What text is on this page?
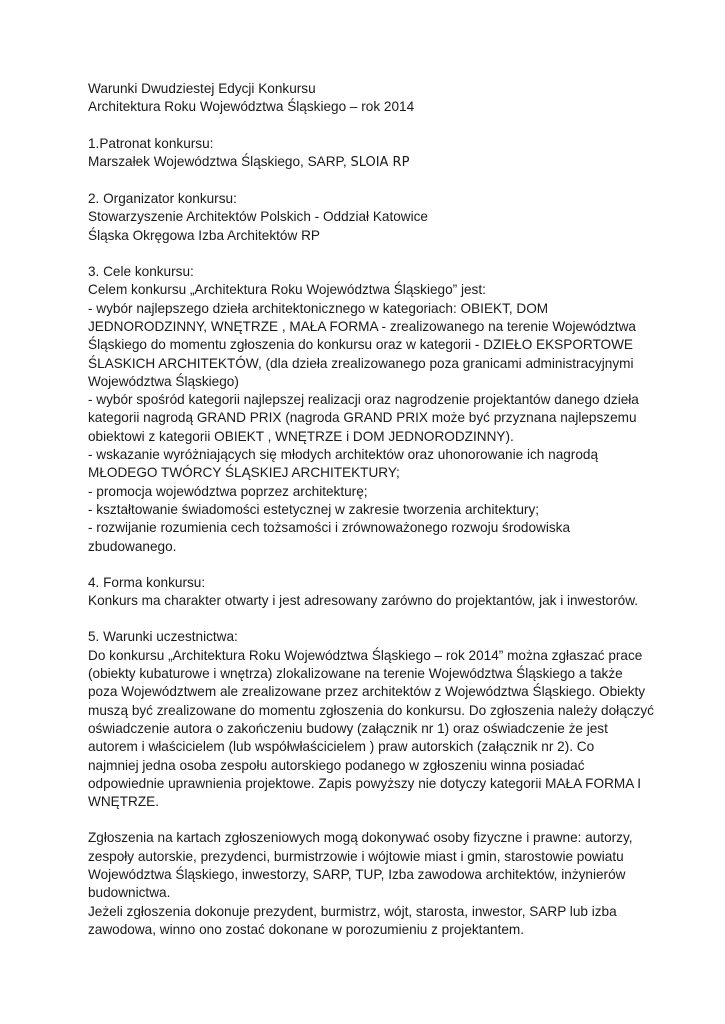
Warunki Dwudziestej Edycji Konkursu
Architektura Roku Województwa Śląskiego – rok 2014
1.Patronat konkursu:
Marszałek Województwa Śląskiego, SARP, SLOIA RP
2. Organizator konkursu:
Stowarzyszenie Architektów Polskich - Oddział Katowice
Śląska Okręgowa Izba Architektów RP
3. Cele konkursu:
Celem konkursu „Architektura Roku Województwa Śląskiego” jest:
- wybór najlepszego dzieła architektonicznego w kategoriach: OBIEKT, DOM
JEDNORODZINNY, WNĘTRZE , MAŁA FORMA - zrealizowanego na terenie Województwa
Śląskiego do momentu zgłoszenia do konkursu oraz w kategorii - DZIEŁO EKSPORTOWE
ŚLASKICH ARCHITEKTÓW, (dla dzieła zrealizowanego poza granicami administracyjnymi
Województwa Śląskiego)
- wybór spośród kategorii najlepszej realizacji oraz nagrodzenie projektantów danego dzieła
kategorii nagrodą GRAND PRIX (nagroda GRAND PRIX może być przyznana najlepszemu
obiektowi z kategorii OBIEKT , WNĘTRZE i DOM JEDNORODZINNY).
- wskazanie wyróżniających się młodych architektów oraz uhonorowanie ich nagrodą
MŁODEGO TWÓRCY ŚLĄSKIEJ ARCHITEKTURY;
- promocja województwa poprzez architekturę;
- kształtowanie świadomości estetycznej w zakresie tworzenia architektury;
- rozwijanie rozumienia cech tożsamości i zrównoważonego rozwoju środowiska
zbudowanego.
4. Forma konkursu:
Konkurs ma charakter otwarty i jest adresowany zarówno do projektantów, jak i inwestorów.
5. Warunki uczestnictwa:
Do konkursu „Architektura Roku Województwa Śląskiego – rok 2014” można zgłaszać prace
(obiekty kubaturowe i wnętrza) zlokalizowane na terenie Województwa Śląskiego a także
poza Województwem ale zrealizowane przez architektów z Województwa Śląskiego. Obiekty
muszą być zrealizowane do momentu zgłoszenia do konkursu. Do zgłoszenia należy dołączyć
oświadczenie autora o zakończeniu budowy (załącznik nr 1) oraz oświadczenie że jest
autorem i właścicielem (lub współwłaścicielem ) praw autorskich (załącznik nr 2). Co
najmniej jedna osoba zespołu autorskiego podanego w zgłoszeniu winna posiadać
odpowiednie uprawnienia projektowe. Zapis powyższy nie dotyczy kategorii MAŁA FORMA I
WNĘTRZE.
Zgłoszenia na kartach zgłoszeniowych mogą dokonywać osoby fizyczne i prawne: autorzy,
zespoły autorskie, prezydenci, burmistrzowie i wójtowie miast i gmin, starostowie powiatu
Województwa Śląskiego, inwestorzy, SARP, TUP, Izba zawodowa architektów, inżynierów
budownictwa.
Jeżeli zgłoszenia dokonuje prezydent, burmistrz, wójt, starosta, inwestor, SARP lub izba
zawodowa, winno ono zostać dokonane w porozumieniu z projektantem.
